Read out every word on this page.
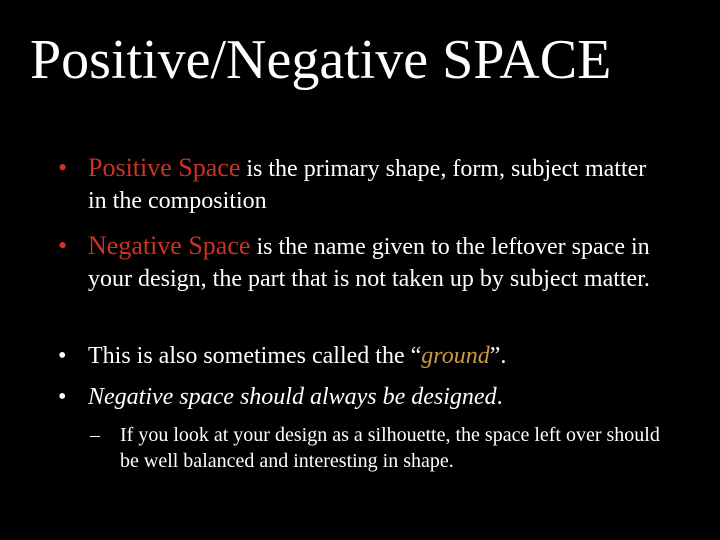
Positive/Negative SPACE
• Positive Space is the primary shape, form, subject matter in the composition
• Negative Space is the name given to the leftover space in your design, the part that is not taken up by subject matter.
• This is also sometimes called the “ground”.
• Negative space should always be designed.
– If you look at your design as a silhouette, the space left over should be well balanced and interesting in shape.
